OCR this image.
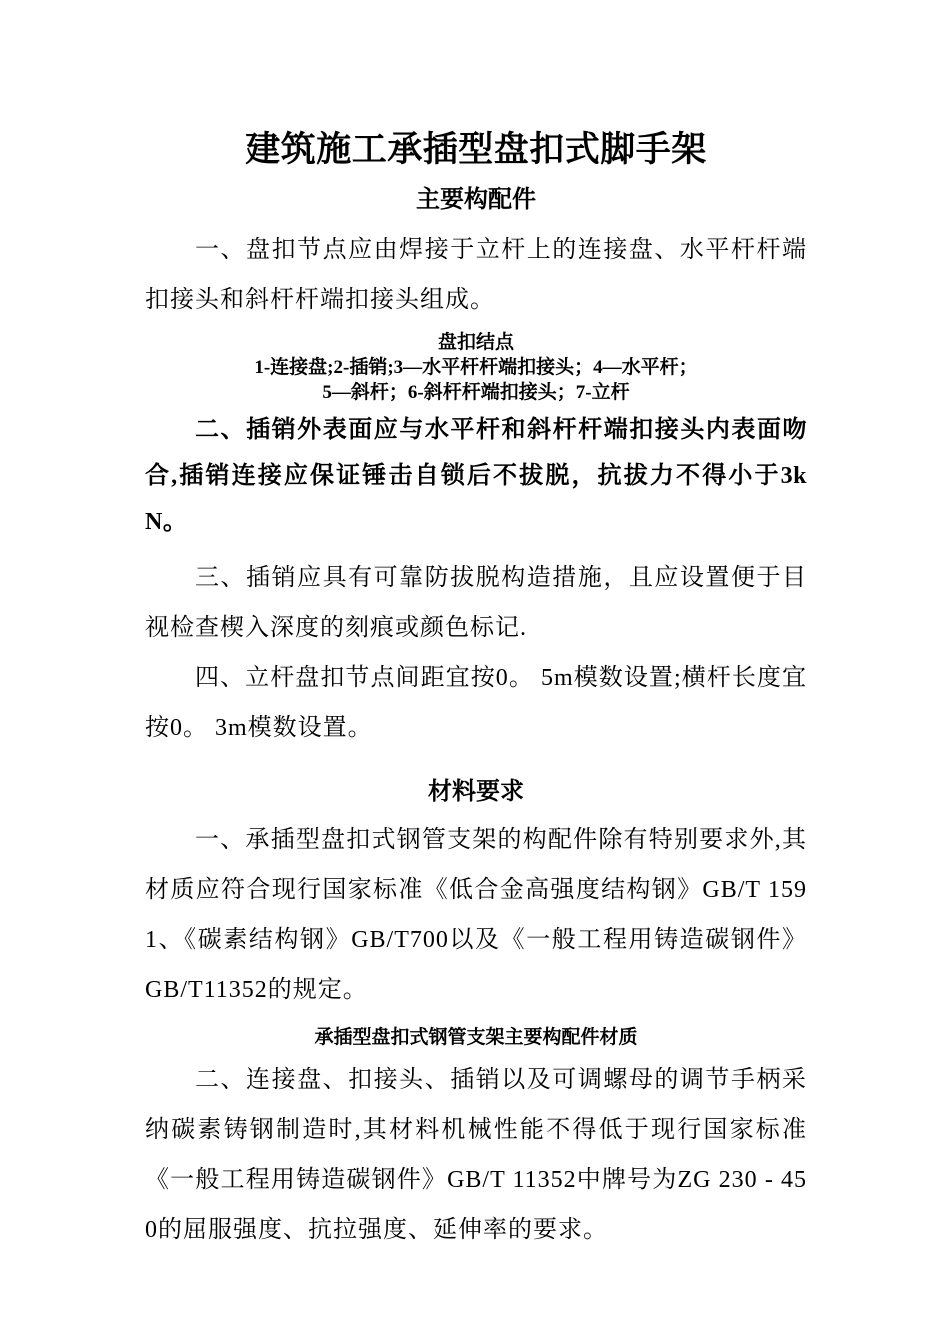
建筑施工承插型盘扣式脚手架
主要构配件

一、盘扣节点应由焊接于立杆上的连接盘、水平杆杆端扣接头和斜杆杆端扣接头组成。

盘扣结点

1-连接盘;2-插销;3—水平杆杆端扣接头；4—水平杆；

5—斜杆；6-斜杆杆端扣接头；7-立杆

二、插销外表面应与水平杆和斜杆杆端扣接头内表面吻合,插销连接应保证锤击自锁后不拔脱，抗拔力不得小于3kN。

三、插销应具有可靠防拔脱构造措施，且应设置便于目视检查楔入深度的刻痕或颜色标记.

四、立杆盘扣节点间距宜按0。 5m模数设置;横杆长度宜按0。 3m模数设置。

材料要求

一、承插型盘扣式钢管支架的构配件除有特别要求外,其材质应符合现行国家标准《低合金高强度结构钢》GB/T 1591、《碳素结构钢》GB/T700以及《一般工程用铸造碳钢件》GB/T11352的规定。

承插型盘扣式钢管支架主要构配件材质

二、连接盘、扣接头、插销以及可调螺母的调节手柄采纳碳素铸钢制造时,其材料机械性能不得低于现行国家标准《一般工程用铸造碳钢件》GB/T 11352中牌号为ZG 230 - 450的屈服强度、抗拉强度、延伸率的要求。
